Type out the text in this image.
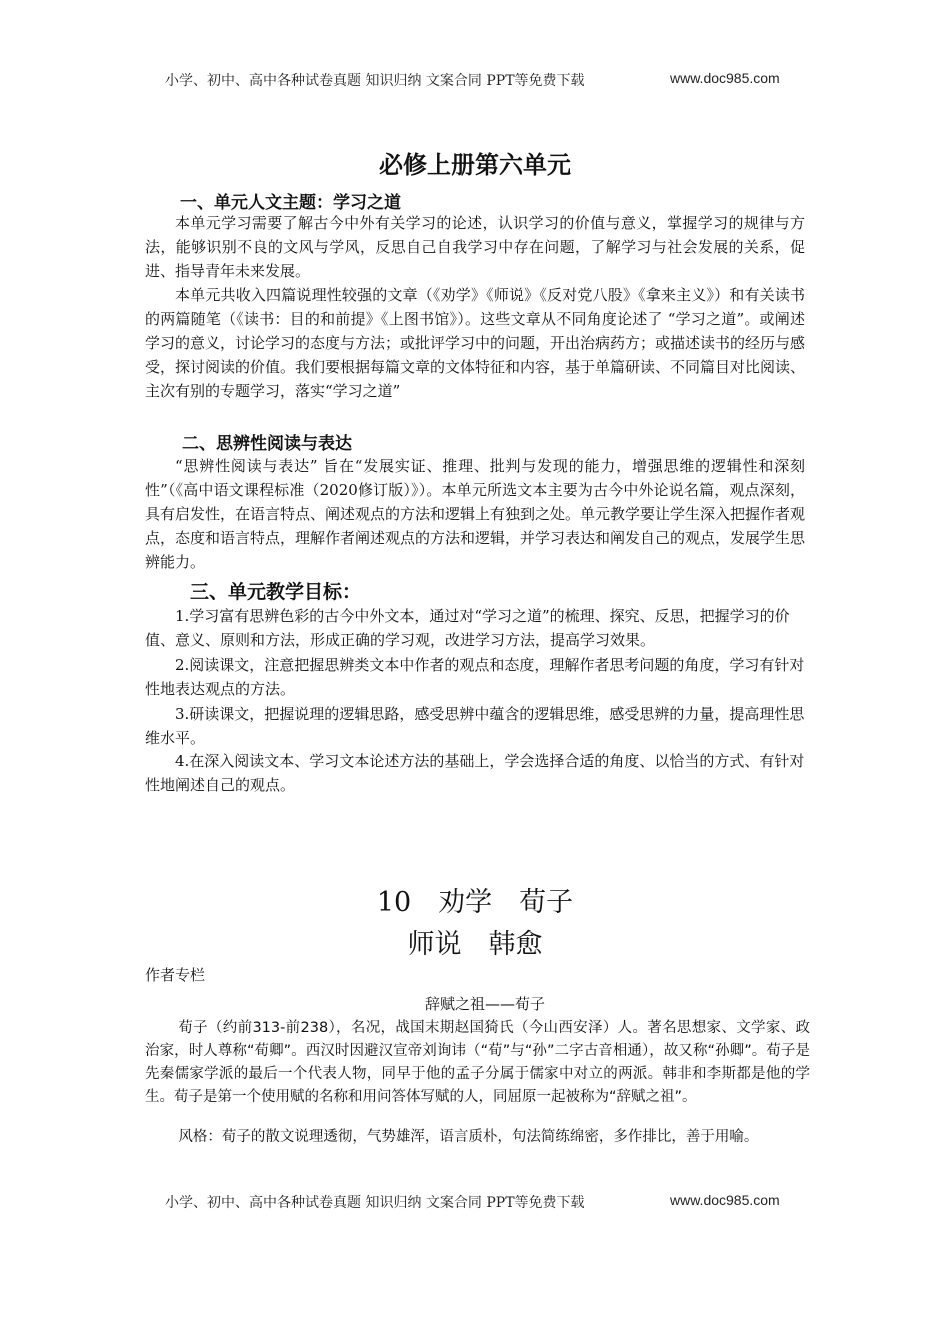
小学、初中、高中各种试卷真题 知识归纳 文案合同 PPT等免费下载	www.doc985.com
必修上册第六单元
一、单元人文主题：学习之道
本单元学习需要了解古今中外有关学习的论述，认识学习的价值与意义，掌握学习的规律与方法，能够识别不良的文风与学风，反思自己自我学习中存在问题，了解学习与社会发展的关系，促进、指导青年未来发展。
本单元共收入四篇说理性较强的文章（《劝学》《师说》《反对党八股》《拿来主义》）和有关读书的两篇随笔（《读书：目的和前提》《上图书馆》）。这些文章从不同角度论述了 “学习之道”。或阐述学习的意义，讨论学习的态度与方法；或批评学习中的问题，开出治病药方；或描述读书的经历与感受，探讨阅读的价值。我们要根据每篇文章的文体特征和内容，基于单篇研读、不同篇目对比阅读、主次有别的专题学习，落实“学习之道”
二、思辨性阅读与表达
“思辨性阅读与表达” 旨在“发展实证、推理、批判与发现的能力，增强思维的逻辑性和深刻性”（《高中语文课程标准（2020修订版）》）。本单元所选文本主要为古今中外论说名篇，观点深刻，具有启发性，在语言特点、阐述观点的方法和逻辑上有独到之处。单元教学要让学生深入把握作者观点，态度和语言特点，理解作者阐述观点的方法和逻辑，并学习表达和阐发自己的观点，发展学生思辨能力。
三、单元教学目标：
1.学习富有思辨色彩的古今中外文本，通过对“学习之道”的梳理、探究、反思，把握学习的价值、意义、原则和方法，形成正确的学习观，改进学习方法，提高学习效果。
2.阅读课文，注意把握思辨类文本中作者的观点和态度，理解作者思考问题的角度，学习有针对性地表达观点的方法。
3.研读课文，把握说理的逻辑思路，感受思辨中蕴含的逻辑思维，感受思辨的力量，提高理性思维水平。
4.在深入阅读文本、学习文本论述方法的基础上，学会选择合适的角度、以恰当的方式、有针对性地阐述自己的观点。
10　劝学　荀子
师说　韩愈
作者专栏
辞赋之祖——荀子
荀子（约前313-前238），名况，战国末期赵国猗氏（今山西安泽）人。著名思想家、文学家、政治家，时人尊称“荀卿”。西汉时因避汉宣帝刘询讳（“荀”与“孙”二字古音相通），故又称“孙卿”。荀子是先秦儒家学派的最后一个代表人物，同早于他的孟子分属于儒家中对立的两派。韩非和李斯都是他的学生。荀子是第一个使用赋的名称和用问答体写赋的人，同屈原一起被称为“辞赋之祖”。
风格：荀子的散文说理透彻，气势雄浑，语言质朴，句法简练绵密，多作排比，善于用喻。
小学、初中、高中各种试卷真题 知识归纳 文案合同 PPT等免费下载	www.doc985.com
